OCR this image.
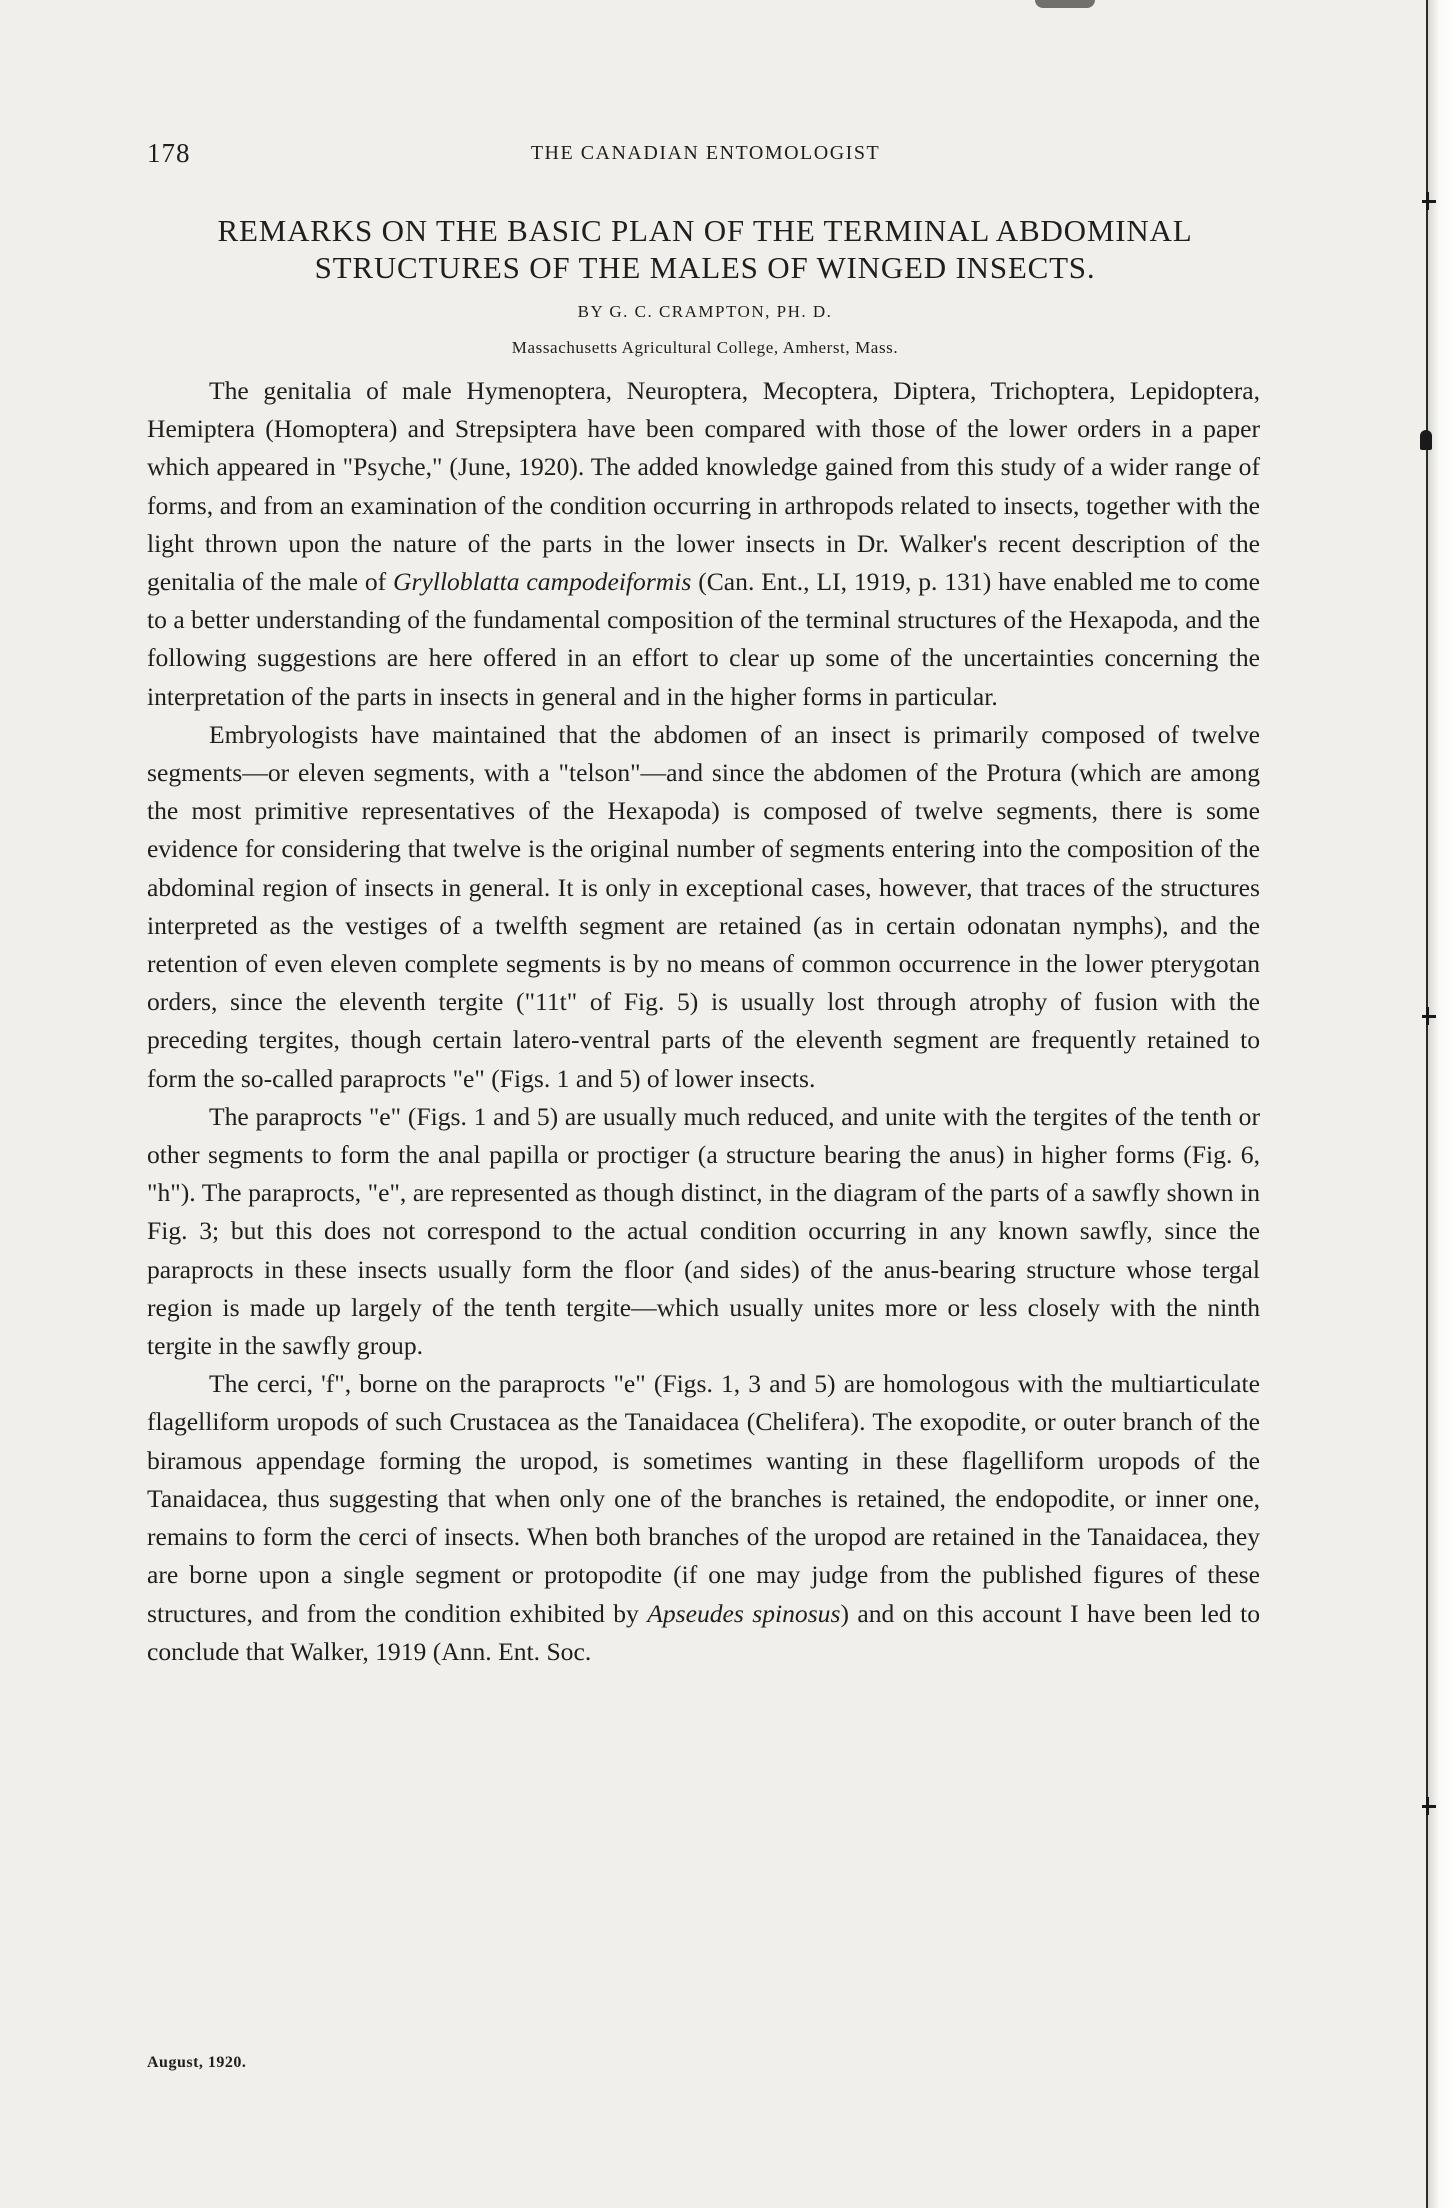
178	THE CANADIAN ENTOMOLOGIST
REMARKS ON THE BASIC PLAN OF THE TERMINAL ABDOMINAL
STRUCTURES OF THE MALES OF WINGED INSECTS.
BY G. C. CRAMPTON, PH. D.
Massachusetts Agricultural College, Amherst, Mass.

The genitalia of male Hymenoptera, Neuroptera, Mecoptera, Diptera, Trichoptera, Lepidoptera, Hemiptera (Homoptera) and Strepsiptera have been compared with those of the lower orders in a paper which appeared in "Psyche," (June, 1920). The added knowledge gained from this study of a wider range of forms, and from an examination of the condition occurring in arthropods related to insects, together with the light thrown upon the nature of the parts in the lower insects in Dr. Walker's recent description of the genitalia of the male of Grylloblatta campodeiformis (Can. Ent., LI, 1919, p. 131) have enabled me to come to a better understanding of the fundamental composition of the terminal structures of the Hexapoda, and the following suggestions are here offered in an effort to clear up some of the uncertainties concerning the interpretation of the parts in insects in general and in the higher forms in particular.

Embryologists have maintained that the abdomen of an insect is primarily composed of twelve segments—or eleven segments, with a "telson"—and since the abdomen of the Protura (which are among the most primitive representatives of the Hexapoda) is composed of twelve segments, there is some evidence for considering that twelve is the original number of segments entering into the composition of the abdominal region of insects in general. It is only in exceptional cases, however, that traces of the structures interpreted as the vestiges of a twelfth segment are retained (as in certain odonatan nymphs), and the retention of even eleven complete segments is by no means of common occurrence in the lower pterygotan orders, since the eleventh tergite ("11t" of Fig. 5) is usually lost through atrophy of fusion with the preceding tergites, though certain latero-ventral parts of the eleventh segment are frequently retained to form the so-called paraprocts "e" (Figs. 1 and 5) of lower insects.

The paraprocts "e" (Figs. 1 and 5) are usually much reduced, and unite with the tergites of the tenth or other segments to form the anal papilla or proctiger (a structure bearing the anus) in higher forms (Fig. 6, "h"). The paraprocts, "e", are represented as though distinct, in the diagram of the parts of a sawfly shown in Fig. 3; but this does not correspond to the actual condition occurring in any known sawfly, since the paraprocts in these insects usually form the floor (and sides) of the anus-bearing structure whose tergal region is made up largely of the tenth tergite—which usually unites more or less closely with the ninth tergite in the sawfly group.

The cerci, 'f", borne on the paraprocts "e" (Figs. 1, 3 and 5) are homologous with the multiarticulate flagelliform uropods of such Crustacea as the Tanaidacea (Chelifera). The exopodite, or outer branch of the biramous appendage forming the uropod, is sometimes wanting in these flagelliform uropods of the Tanaidacea, thus suggesting that when only one of the branches is retained, the endopodite, or inner one, remains to form the cerci of insects. When both branches of the uropod are retained in the Tanaidacea, they are borne upon a single segment or protopodite (if one may judge from the published figures of these structures, and from the condition exhibited by Apseudes spinosus) and on this account I have been led to conclude that Walker, 1919 (Ann. Ent. Soc.

August, 1920.
